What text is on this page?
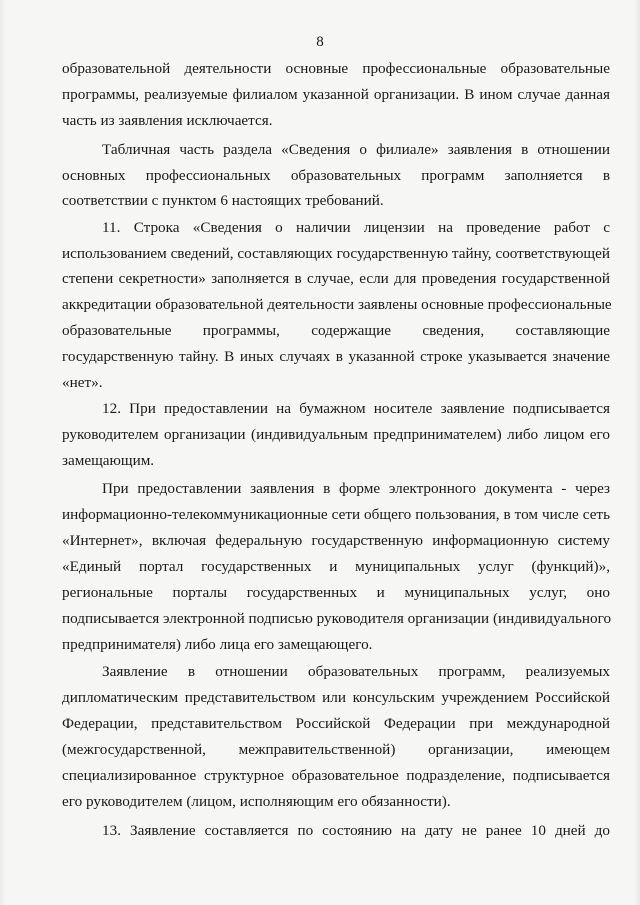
8
образовательной деятельности основные профессиональные образовательные
программы, реализуемые филиалом указанной организации. В ином случае данная
часть из заявления исключается.
Табличная часть раздела «Сведения о филиале» заявления в отношении
основных профессиональных образовательных программ заполняется в
соответствии с пунктом 6 настоящих требований.
11. Строка «Сведения о наличии лицензии на проведение работ с
использованием сведений, составляющих государственную тайну, соответствующей
степени секретности» заполняется в случае, если для проведения государственной
аккредитации образовательной деятельности заявлены основные профессиональные
образовательные программы, содержащие сведения, составляющие
государственную тайну. В иных случаях в указанной строке указывается значение
«нет».
12. При предоставлении на бумажном носителе заявление подписывается
руководителем организации (индивидуальным предпринимателем) либо лицом его
замещающим.
При предоставлении заявления в форме электронного документа - через
информационно-телекоммуникационные сети общего пользования, в том числе сеть
«Интернет», включая федеральную государственную информационную систему
«Единый портал государственных и муниципальных услуг (функций)»,
региональные порталы государственных и муниципальных услуг, оно
подписывается электронной подписью руководителя организации (индивидуального
предпринимателя) либо лица его замещающего.
Заявление в отношении образовательных программ, реализуемых
дипломатическим представительством или консульским учреждением Российской
Федерации, представительством Российской Федерации при международной
(межгосударственной, межправительственной) организации, имеющем
специализированное структурное образовательное подразделение, подписывается
его руководителем (лицом, исполняющим его обязанности).
13. Заявление составляется по состоянию на дату не ранее 10 дней до
